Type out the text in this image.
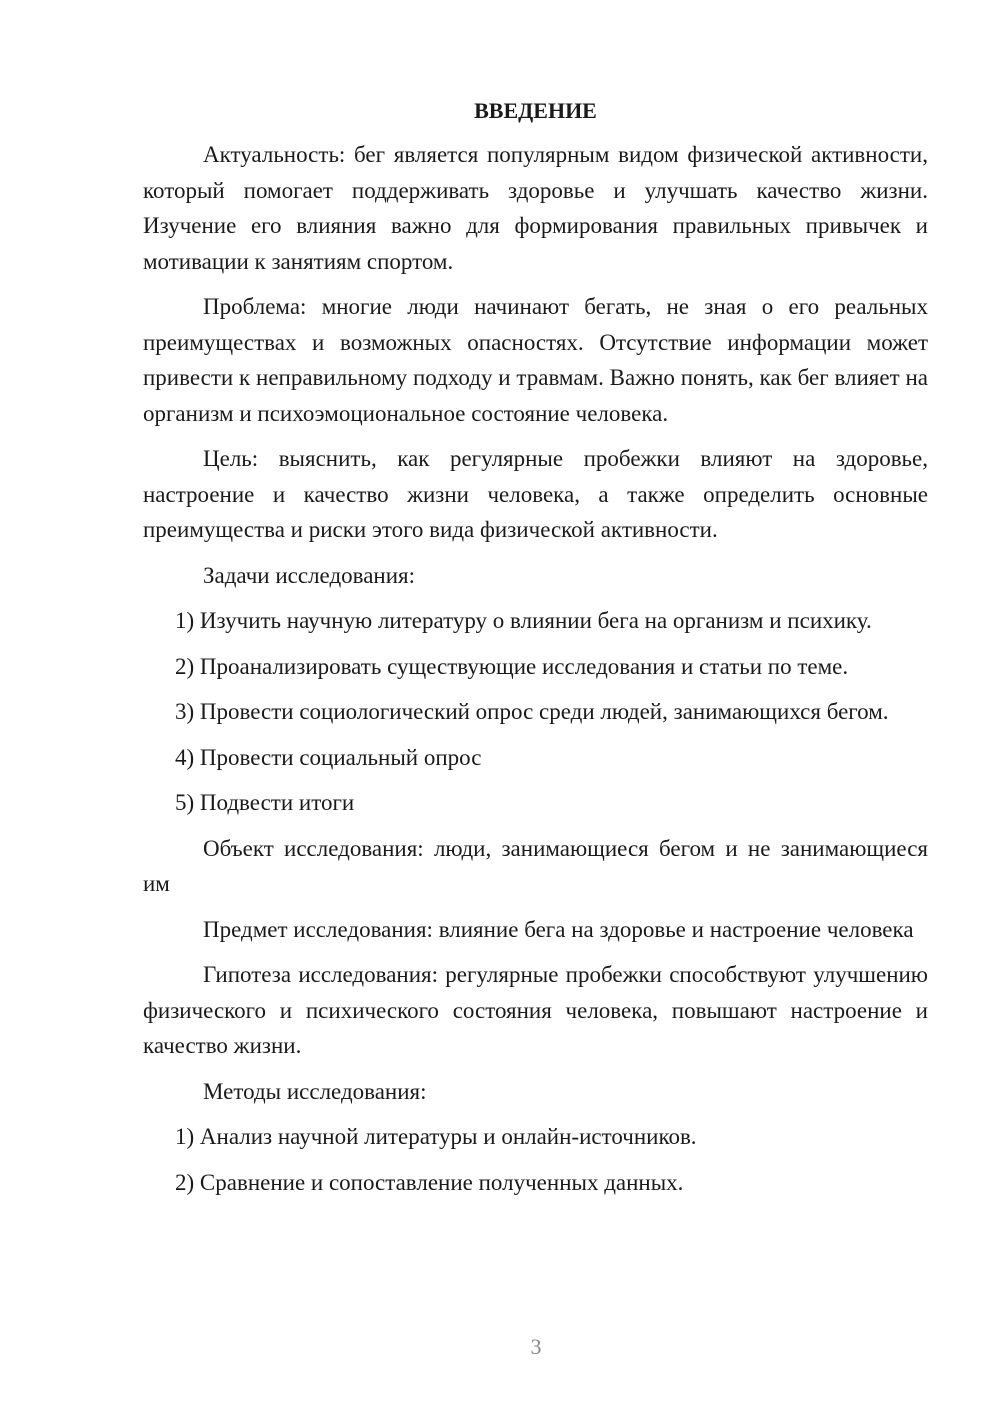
ВВЕДЕНИЕ

Актуальность: бег является популярным видом физической активности, который помогает поддерживать здоровье и улучшать качество жизни. Изучение его влияния важно для формирования правильных привычек и мотивации к занятиям спортом.

Проблема: многие люди начинают бегать, не зная о его реальных преимуществах и возможных опасностях. Отсутствие информации может привести к неправильному подходу и травмам. Важно понять, как бег влияет на организм и психоэмоциональное состояние человека.

Цель: выяснить, как регулярные пробежки влияют на здоровье, настроение и качество жизни человека, а также определить основные преимущества и риски этого вида физической активности.

Задачи исследования:

1) Изучить научную литературу о влиянии бега на организм и психику.

2) Проанализировать существующие исследования и статьи по теме.

3) Провести социологический опрос среди людей, занимающихся бегом.

4) Провести социальный опрос

5) Подвести итоги

Объект исследования: люди, занимающиеся бегом и не занимающиеся им

Предмет исследования: влияние бега на здоровье и настроение человека

Гипотеза исследования: регулярные пробежки способствуют улучшению физического и психического состояния человека, повышают настроение и качество жизни.

Методы исследования:

1) Анализ научной литературы и онлайн-источников.

2) Сравнение и сопоставление полученных данных.

3
